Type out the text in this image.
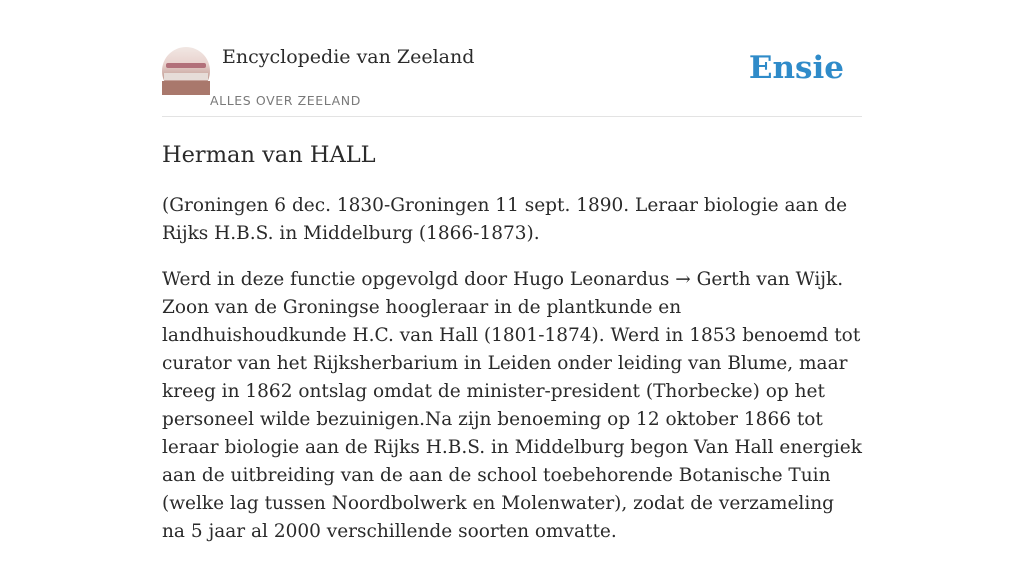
Encyclopedie van Zeeland
ALLES OVER ZEELAND
Ensie
Herman van HALL

(Groningen 6 dec. 1830-Groningen 11 sept. 1890. Leraar biologie aan de Rijks H.B.S. in Middelburg (1866-1873).

Werd in deze functie opgevolgd door Hugo Leonardus → Gerth van Wijk. Zoon van de Groningse hoogleraar in de plantkunde en landhuishoudkunde H.C. van Hall (1801-1874). Werd in 1853 benoemd tot curator van het Rijksherbarium in Leiden onder leiding van Blume, maar kreeg in 1862 ontslag omdat de minister-president (Thorbecke) op het personeel wilde bezuinigen.Na zijn benoeming op 12 oktober 1866 tot leraar biologie aan de Rijks H.B.S. in Middelburg begon Van Hall energiek aan de uitbreiding van de aan de school toebehorende Botanische Tuin (welke lag tussen Noordbolwerk en Molenwater), zodat de verzameling na 5 jaar al 2000 verschillende soorten omvatte.
